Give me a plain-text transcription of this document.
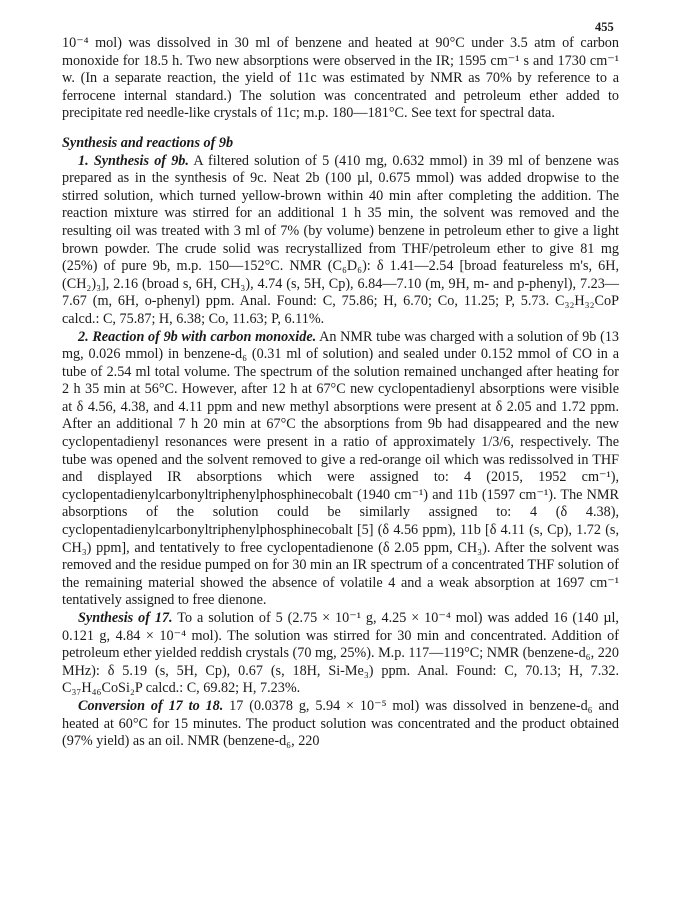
455

10⁻⁴ mol) was dissolved in 30 ml of benzene and heated at 90°C under 3.5 atm of carbon monoxide for 18.5 h. Two new absorptions were observed in the IR; 1595 cm⁻¹ s and 1730 cm⁻¹ w. (In a separate reaction, the yield of 11c was estimated by NMR as 70% by reference to a ferrocene internal standard.) The solution was concentrated and petroleum ether added to precipitate red needle-like crystals of 11c; m.p. 180—181°C. See text for spectral data.

Synthesis and reactions of 9b

1. Synthesis of 9b. A filtered solution of 5 (410 mg, 0.632 mmol) in 39 ml of benzene was prepared as in the synthesis of 9c. Neat 2b (100 µl, 0.675 mmol) was added dropwise to the stirred solution, which turned yellow-brown within 40 min after completing the addition. The reaction mixture was stirred for an additional 1 h 35 min, the solvent was removed and the resulting oil was treated with 3 ml of 7% (by volume) benzene in petroleum ether to give a light brown powder. The crude solid was recrystallized from THF/petroleum ether to give 81 mg (25%) of pure 9b, m.p. 150—152°C. NMR (C₆D₆): δ 1.41—2.54 [broad featureless m's, 6H, (CH₂)₃], 2.16 (broad s, 6H, CH₃), 4.74 (s, 5H, Cp), 6.84—7.10 (m, 9H, m- and p-phenyl), 7.23—7.67 (m, 6H, o-phenyl) ppm. Anal. Found: C, 75.86; H, 6.70; Co, 11.25; P, 5.73. C₃₂H₃₂CoP calcd.: C, 75.87; H, 6.38; Co, 11.63; P, 6.11%.

2. Reaction of 9b with carbon monoxide. An NMR tube was charged with a solution of 9b (13 mg, 0.026 mmol) in benzene-d₆ (0.31 ml of solution) and sealed under 0.152 mmol of CO in a tube of 2.54 ml total volume. The spectrum of the solution remained unchanged after heating for 2 h 35 min at 56°C. However, after 12 h at 67°C new cyclopentadienyl absorptions were visible at δ 4.56, 4.38, and 4.11 ppm and new methyl absorptions were present at δ 2.05 and 1.72 ppm. After an additional 7 h 20 min at 67°C the absorptions from 9b had disappeared and the new cyclopentadienyl resonances were present in a ratio of approximately 1/3/6, respectively. The tube was opened and the solvent removed to give a red-orange oil which was redissolved in THF and displayed IR absorptions which were assigned to: 4 (2015, 1952 cm⁻¹), cyclopentadienylcarbonyltriphenylphosphinecobalt (1940 cm⁻¹) and 11b (1597 cm⁻¹). The NMR absorptions of the solution could be similarly assigned to: 4 (δ 4.38), cyclopentadienylcarbonyltriphenylphosphinecobalt [5] (δ 4.56 ppm), 11b [δ 4.11 (s, Cp), 1.72 (s, CH₃) ppm], and tentatively to free cyclopentadienone (δ 2.05 ppm, CH₃). After the solvent was removed and the residue pumped on for 30 min an IR spectrum of a concentrated THF solution of the remaining material showed the absence of volatile 4 and a weak absorption at 1697 cm⁻¹ tentatively assigned to free dienone.

Synthesis of 17. To a solution of 5 (2.75 × 10⁻¹ g, 4.25 × 10⁻⁴ mol) was added 16 (140 µl, 0.121 g, 4.84 × 10⁻⁴ mol). The solution was stirred for 30 min and concentrated. Addition of petroleum ether yielded reddish crystals (70 mg, 25%). M.p. 117—119°C; NMR (benzene-d₆, 220 MHz): δ 5.19 (s, 5H, Cp), 0.67 (s, 18H, Si-Me₃) ppm. Anal. Found: C, 70.13; H, 7.32. C₃₇H₄₆CoSi₂P calcd.: C, 69.82; H, 7.23%.

Conversion of 17 to 18. 17 (0.0378 g, 5.94 × 10⁻⁵ mol) was dissolved in benzene-d₆ and heated at 60°C for 15 minutes. The product solution was concentrated and the product obtained (97% yield) as an oil. NMR (benzene-d₆, 220
